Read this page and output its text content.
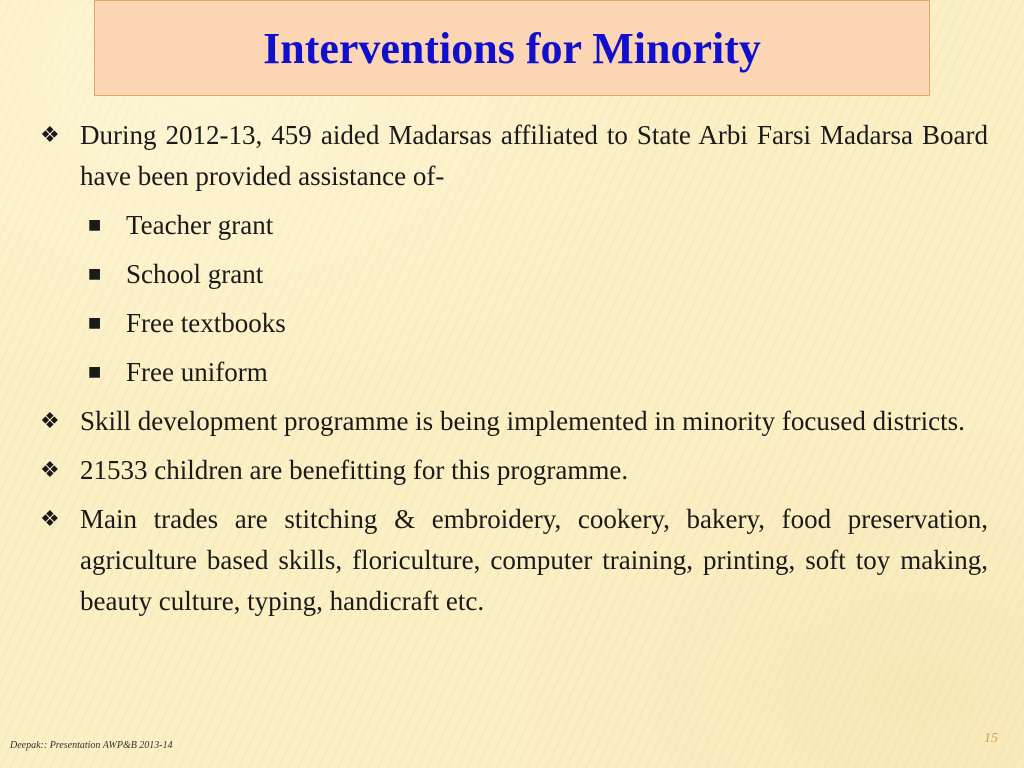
Interventions for Minority
❖ During 2012-13, 459 aided Madarsas affiliated to State Arbi Farsi Madarsa Board have been provided assistance of-
■ Teacher grant
■ School grant
■ Free textbooks
■ Free uniform
❖ Skill development programme is being implemented in minority focused districts.
❖ 21533 children are benefitting for this programme.
❖ Main trades are stitching & embroidery, cookery, bakery, food preservation, agriculture based skills, floriculture, computer training, printing, soft toy making, beauty culture, typing, handicraft etc.
Deepak:: Presentation AWP&B 2013-14	15
